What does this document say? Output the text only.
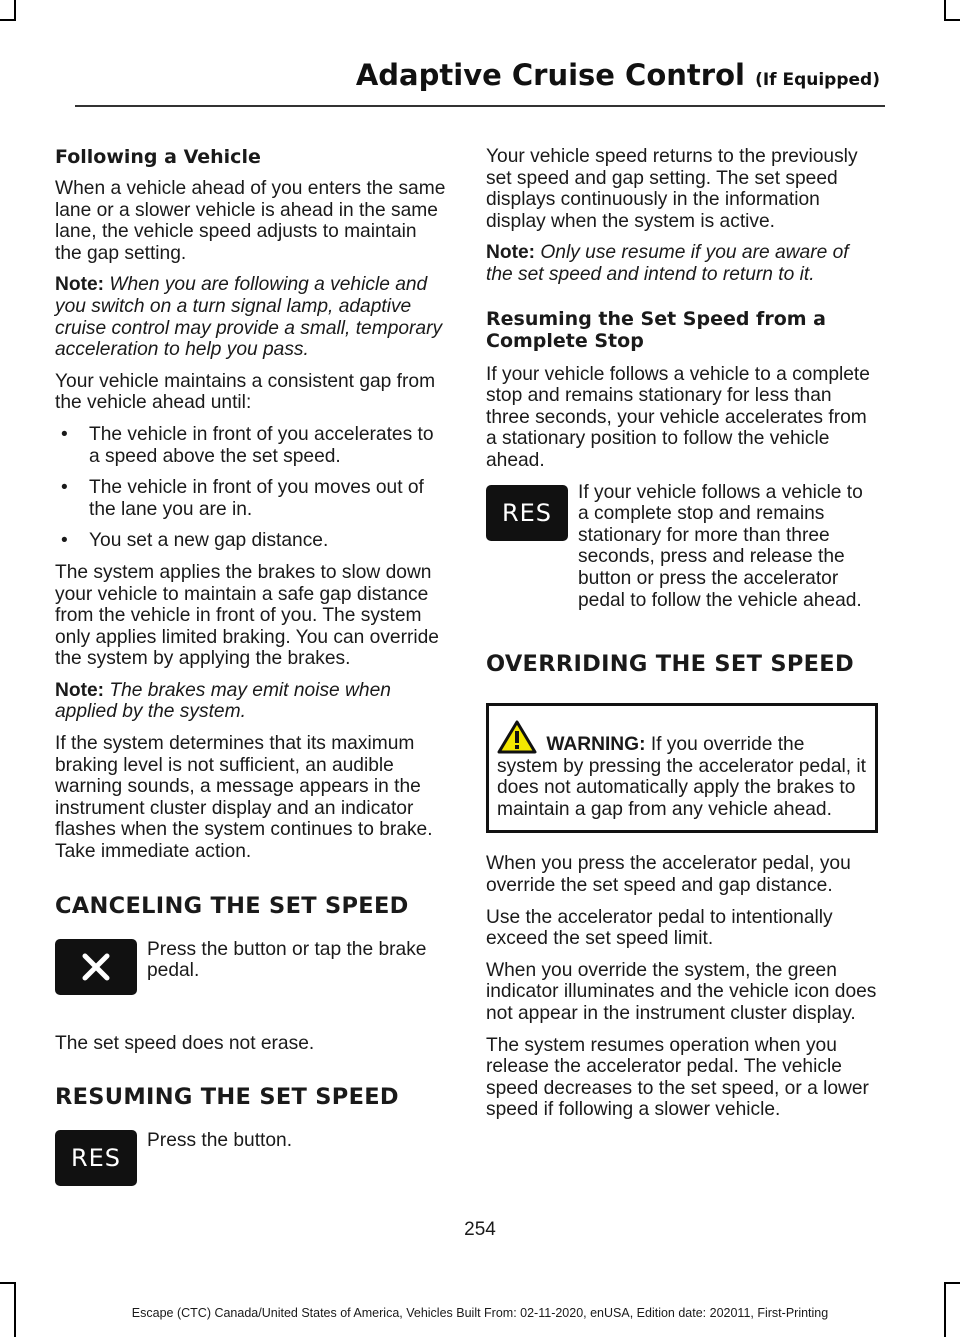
Adaptive Cruise Control (If Equipped)
Following a Vehicle

When a vehicle ahead of you enters the same lane or a slower vehicle is ahead in the same lane, the vehicle speed adjusts to maintain the gap setting.

Note: When you are following a vehicle and you switch on a turn signal lamp, adaptive cruise control may provide a small, temporary acceleration to help you pass.

Your vehicle maintains a consistent gap from the vehicle ahead until:

• The vehicle in front of you accelerates to a speed above the set speed.
• The vehicle in front of you moves out of the lane you are in.
• You set a new gap distance.

The system applies the brakes to slow down your vehicle to maintain a safe gap distance from the vehicle in front of you. The system only applies limited braking. You can override the system by applying the brakes.

Note: The brakes may emit noise when applied by the system.

If the system determines that its maximum braking level is not sufficient, an audible warning sounds, a message appears in the instrument cluster display and an indicator flashes when the system continues to brake. Take immediate action.

CANCELING THE SET SPEED

Press the button or tap the brake pedal.

The set speed does not erase.

RESUMING THE SET SPEED
RES

Press the button.

Your vehicle speed returns to the previously set speed and gap setting. The set speed displays continuously in the information display when the system is active.

Note: Only use resume if you are aware of the set speed and intend to return to it.

Resuming the Set Speed from a Complete Stop

If your vehicle follows a vehicle to a complete stop and remains stationary for less than three seconds, your vehicle accelerates from a stationary position to follow the vehicle ahead.

RES

If your vehicle follows a vehicle to a complete stop and remains stationary for more than three seconds, press and release the button or press the accelerator pedal to follow the vehicle ahead.

OVERRIDING THE SET SPEED

WARNING: If you override the system by pressing the accelerator pedal, it does not automatically apply the brakes to maintain a gap from any vehicle ahead.

When you press the accelerator pedal, you override the set speed and gap distance.

Use the accelerator pedal to intentionally exceed the set speed limit.

When you override the system, the green indicator illuminates and the vehicle icon does not appear in the instrument cluster display.

The system resumes operation when you release the accelerator pedal. The vehicle speed decreases to the set speed, or a lower speed if following a slower vehicle.

254
Escape (CTC) Canada/United States of America, Vehicles Built From: 02-11-2020, enUSA, Edition date: 202011, First-Printing
